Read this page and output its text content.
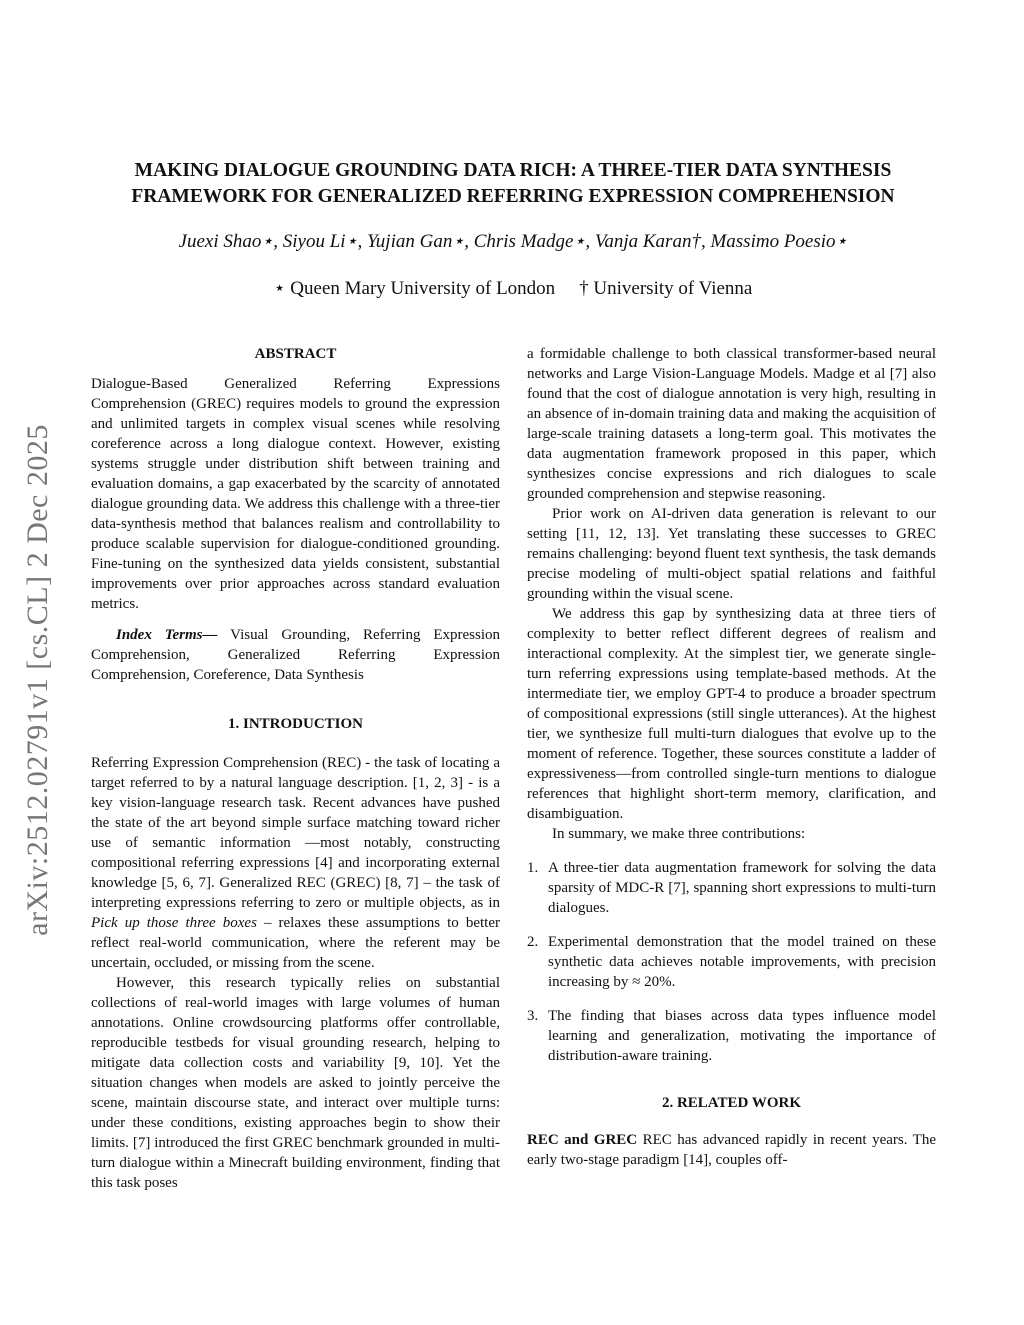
arXiv:2512.02791v1 [cs.CL] 2 Dec 2025
MAKING DIALOGUE GROUNDING DATA RICH: A THREE-TIER DATA SYNTHESIS
FRAMEWORK FOR GENERALIZED REFERRING EXPRESSION COMPREHENSION
Juexi Shao⋆, Siyou Li⋆, Yujian Gan⋆, Chris Madge⋆, Vanja Karan†, Massimo Poesio⋆
⋆ Queen Mary University of London † University of Vienna

ABSTRACT

Dialogue-Based Generalized Referring Expressions Comprehension (GREC) requires models to ground the expression and unlimited targets in complex visual scenes while resolving coreference across a long dialogue context. However, existing systems struggle under distribution shift between training and evaluation domains, a gap exacerbated by the scarcity of annotated dialogue grounding data. We address this challenge with a three-tier data-synthesis method that balances realism and controllability to produce scalable supervision for dialogue-conditioned grounding. Fine-tuning on the synthesized data yields consistent, substantial improvements over prior approaches across standard evaluation metrics.

Index Terms— Visual Grounding, Referring Expression Comprehension, Generalized Referring Expression Comprehension, Coreference, Data Synthesis

1. INTRODUCTION

Referring Expression Comprehension (REC) - the task of locating a target referred to by a natural language description. [1, 2, 3] - is a key vision-language research task. Recent advances have pushed the state of the art beyond simple surface matching toward richer use of semantic information —most notably, constructing compositional referring expressions [4] and incorporating external knowledge [5, 6, 7]. Generalized REC (GREC) [8, 7] – the task of interpreting expressions referring to zero or multiple objects, as in Pick up those three boxes – relaxes these assumptions to better reflect real-world communication, where the referent may be uncertain, occluded, or missing from the scene.

However, this research typically relies on substantial collections of real-world images with large volumes of human annotations. Online crowdsourcing platforms offer controllable, reproducible testbeds for visual grounding research, helping to mitigate data collection costs and variability [9, 10]. Yet the situation changes when models are asked to jointly perceive the scene, maintain discourse state, and interact over multiple turns: under these conditions, existing approaches begin to show their limits. [7] introduced the first GREC benchmark grounded in multi-turn dialogue within a Minecraft building environment, finding that this task poses

a formidable challenge to both classical transformer-based neural networks and Large Vision-Language Models. Madge et al [7] also found that the cost of dialogue annotation is very high, resulting in an absence of in-domain training data and making the acquisition of large-scale training datasets a long-term goal. This motivates the data augmentation framework proposed in this paper, which synthesizes concise expressions and rich dialogues to scale grounded comprehension and stepwise reasoning.

Prior work on AI-driven data generation is relevant to our setting [11, 12, 13]. Yet translating these successes to GREC remains challenging: beyond fluent text synthesis, the task demands precise modeling of multi-object spatial relations and faithful grounding within the visual scene.

We address this gap by synthesizing data at three tiers of complexity to better reflect different degrees of realism and interactional complexity. At the simplest tier, we generate single-turn referring expressions using template-based methods. At the intermediate tier, we employ GPT-4 to produce a broader spectrum of compositional expressions (still single utterances). At the highest tier, we synthesize full multi-turn dialogues that evolve up to the moment of reference. Together, these sources constitute a ladder of expressiveness—from controlled single-turn mentions to dialogue references that highlight short-term memory, clarification, and disambiguation.

In summary, we make three contributions:

1. A three-tier data augmentation framework for solving the data sparsity of MDC-R [7], spanning short expressions to multi-turn dialogues.
2. Experimental demonstration that the model trained on these synthetic data achieves notable improvements, with precision increasing by ≈ 20%.
3. The finding that biases across data types influence model learning and generalization, motivating the importance of distribution-aware training.

2. RELATED WORK

REC and GREC REC has advanced rapidly in recent years. The early two-stage paradigm [14], couples off-
